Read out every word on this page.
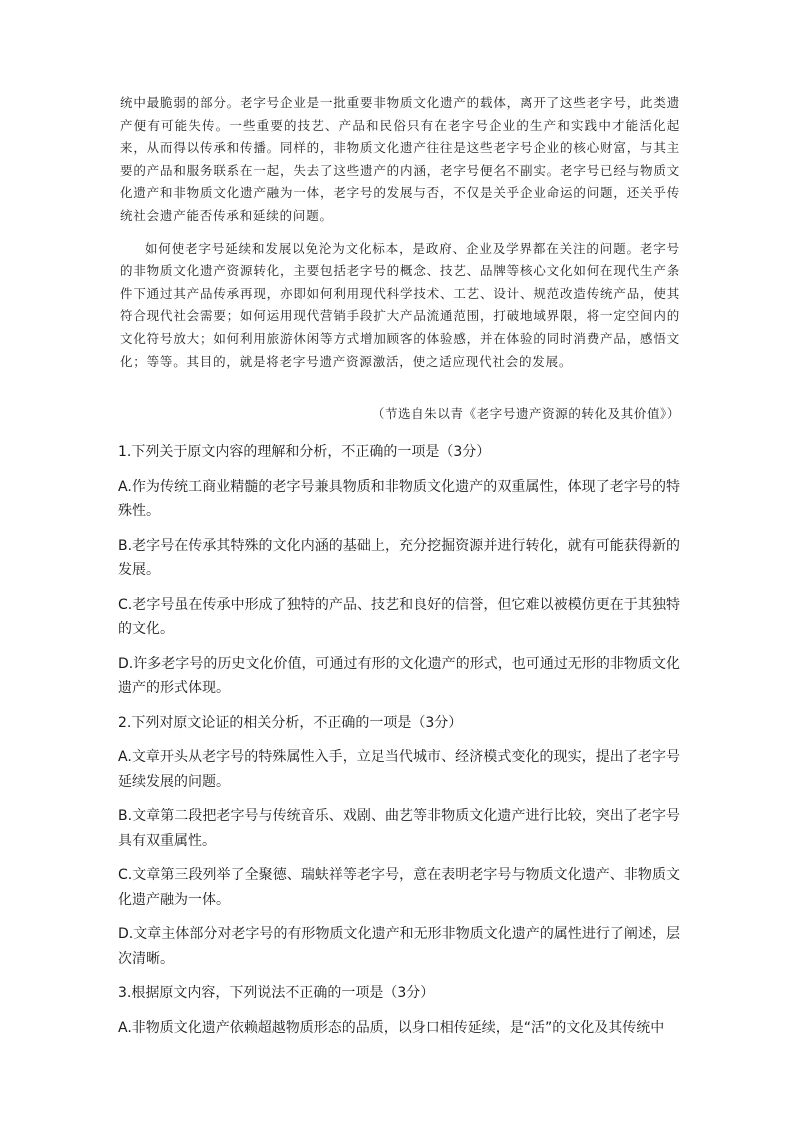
统中最脆弱的部分。老字号企业是一批重要非物质文化遗产的载体，离开了这些老字号，此类遗产便有可能失传。一些重要的技艺、产品和民俗只有在老字号企业的生产和实践中才能活化起来，从而得以传承和传播。同样的，非物质文化遗产往往是这些老字号企业的核心财富，与其主要的产品和服务联系在一起，失去了这些遗产的内涵，老字号便名不副实。老字号已经与物质文化遗产和非物质文化遗产融为一体，老字号的发展与否，不仅是关乎企业命运的问题，还关乎传统社会遗产能否传承和延续的问题。

如何使老字号延续和发展以免沦为文化标本，是政府、企业及学界都在关注的问题。老字号的非物质文化遗产资源转化，主要包括老字号的概念、技艺、品牌等核心文化如何在现代生产条件下通过其产品传承再现，亦即如何利用现代科学技术、工艺、设计、规范改造传统产品，使其符合现代社会需要；如何运用现代营销手段扩大产品流通范围，打破地域界限，将一定空间内的文化符号放大；如何利用旅游休闲等方式增加顾客的体验感，并在体验的同时消费产品，感悟文化；等等。其目的，就是将老字号遗产资源激活，使之适应现代社会的发展。

（节选自朱以青《老字号遗产资源的转化及其价值》）

1.下列关于原文内容的理解和分析，不正确的一项是（3分）

A.作为传统工商业精髓的老字号兼具物质和非物质文化遗产的双重属性，体现了老字号的特殊性。

B.老字号在传承其特殊的文化内涵的基础上，充分挖掘资源并进行转化，就有可能获得新的发展。

C.老字号虽在传承中形成了独特的产品、技艺和良好的信誉，但它难以被模仿更在于其独特的文化。

D.许多老字号的历史文化价值，可通过有形的文化遗产的形式，也可通过无形的非物质文化遗产的形式体现。

2.下列对原文论证的相关分析，不正确的一项是（3分）

A.文章开头从老字号的特殊属性入手，立足当代城市、经济模式变化的现实，提出了老字号延续发展的问题。

B.文章第二段把老字号与传统音乐、戏剧、曲艺等非物质文化遗产进行比较，突出了老字号具有双重属性。

C.文章第三段列举了全聚德、瑞蚨祥等老字号，意在表明老字号与物质文化遗产、非物质文化遗产融为一体。

D.文章主体部分对老字号的有形物质文化遗产和无形非物质文化遗产的属性进行了阐述，层次清晰。

3.根据原文内容，下列说法不正确的一项是（3分）

A.非物质文化遗产依赖超越物质形态的品质，以身口相传延续，是“活”的文化及其传统中
